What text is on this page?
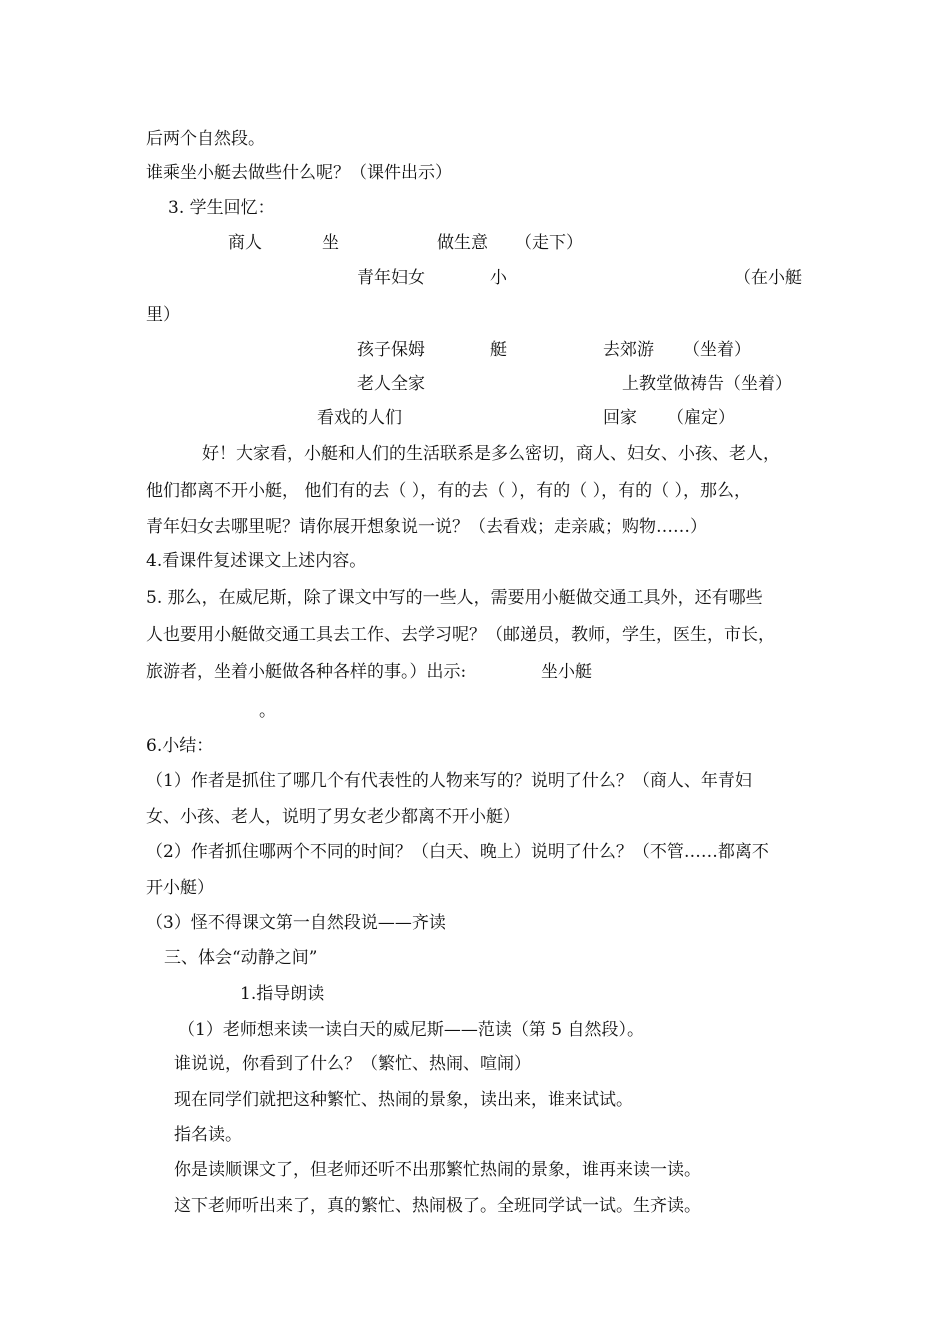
后两个自然段。
谁乘坐小艇去做些什么呢？（课件出示）
3. 学生回忆：
商人	坐	做生意 （走下）
青年妇女	小	（在小艇
里）
孩子保姆	艇	去郊游 （坐着）
老人全家	上教堂做祷告（坐着）
看戏的人们	回家 （雇定）
好！大家看，小艇和人们的生活联系是多么密切，商人、妇女、小孩、老人，
他们都离不开小艇， 他们有的去（ ），有的去（ ），有的（ ），有的（ ），那么，
青年妇女去哪里呢？请你展开想象说一说？（去看戏；走亲戚；购物……）
4.看课件复述课文上述内容。
5. 那么，在威尼斯，除了课文中写的一些人，需要用小艇做交通工具外，还有哪些
人也要用小艇做交通工具去工作、去学习呢？（邮递员，教师，学生，医生，市长，
旅游者，坐着小艇做各种各样的事。）出示:	坐小艇
。
6.小结：
（1）作者是抓住了哪几个有代表性的人物来写的？说明了什么？（商人、年青妇
女、小孩、老人，说明了男女老少都离不开小艇）
（2）作者抓住哪两个不同的时间？（白天、晚上）说明了什么？（不管……都离不
开小艇）
（3）怪不得课文第一自然段说——齐读
三、体会“动静之间”
1.指导朗读
（1）老师想来读一读白天的威尼斯——范读（第 5 自然段）。
谁说说，你看到了什么？（繁忙、热闹、喧闹）
现在同学们就把这种繁忙、热闹的景象，读出来，谁来试试。
指名读。
你是读顺课文了，但老师还听不出那繁忙热闹的景象，谁再来读一读。
这下老师听出来了，真的繁忙、热闹极了。全班同学试一试。生齐读。
